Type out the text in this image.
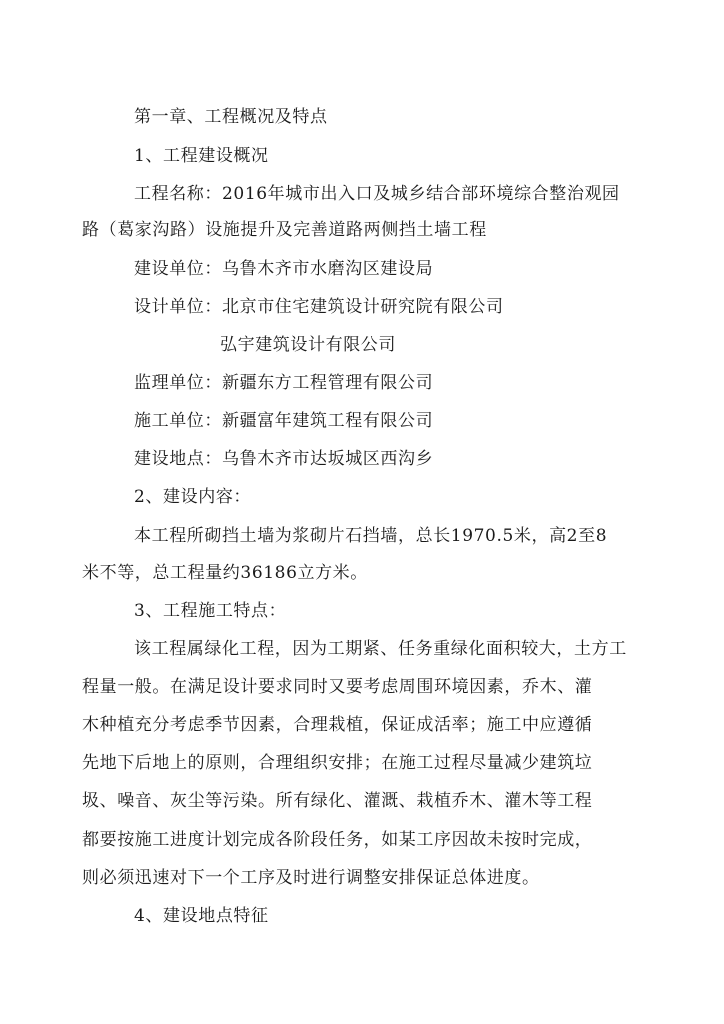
第一章、工程概况及特点
1、工程建设概况
工程名称：2016年城市出入口及城乡结合部环境综合整治观园
路（葛家沟路）设施提升及完善道路两侧挡土墙工程
建设单位：乌鲁木齐市水磨沟区建设局
设计单位：北京市住宅建筑设计研究院有限公司
弘宇建筑设计有限公司
监理单位：新疆东方工程管理有限公司
施工单位：新疆富年建筑工程有限公司
建设地点：乌鲁木齐市达坂城区西沟乡
2、建设内容：
本工程所砌挡土墙为浆砌片石挡墙，总长1970.5米，高2至8
米不等，总工程量约36186立方米。
3、工程施工特点：
该工程属绿化工程，因为工期紧、任务重绿化面积较大，土方工
程量一般。在满足设计要求同时又要考虑周围环境因素，乔木、灌
木种植充分考虑季节因素，合理栽植，保证成活率；施工中应遵循
先地下后地上的原则，合理组织安排；在施工过程尽量减少建筑垃
圾、噪音、灰尘等污染。所有绿化、灌溉、栽植乔木、灌木等工程
都要按施工进度计划完成各阶段任务，如某工序因故未按时完成，
则必须迅速对下一个工序及时进行调整安排保证总体进度。
4、建设地点特征
